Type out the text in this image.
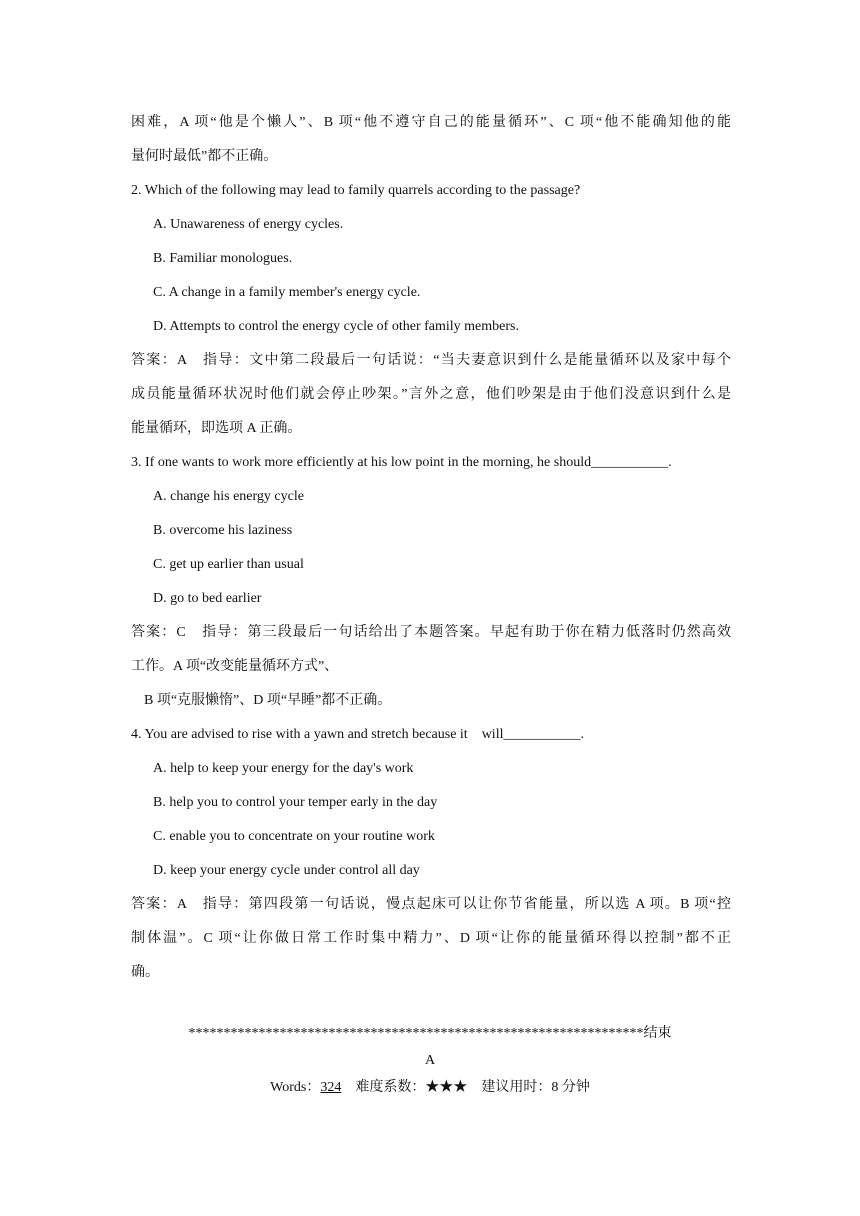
困难，A 项“他是个懒人”、B 项“他不遵守自己的能量循环”、C 项“他不能确知他的能
量何时最低”都不正确。
2. Which of the following may lead to family quarrels according to the passage?
A. Unawareness of energy cycles.
B. Familiar monologues.
C. A change in a family member's energy cycle.
D. Attempts to control the energy cycle of other family members.
答案：A　指导：文中第二段最后一句话说：“当夫妻意识到什么是能量循环以及家中每个
成员能量循环状况时他们就会停止吵架。”言外之意，他们吵架是由于他们没意识到什么是
能量循环，即选项 A 正确。
3. If one wants to work more efficiently at his low point in the morning, he should___________.
A. change his energy cycle
B. overcome his laziness
C. get up earlier than usual
D. go to bed earlier
答案：C　指导：第三段最后一句话给出了本题答案。早起有助于你在精力低落时仍然高效
工作。A 项“改变能量循环方式”、
B 项“克服懒惰”、D 项“早睡”都不正确。
4. You are advised to rise with a yawn and stretch because it　will___________.
A. help to keep your energy for the day's work
B. help you to control your temper early in the day
C. enable you to concentrate on your routine work
D. keep your energy cycle under control all day
答案：A　指导：第四段第一句话说，慢点起床可以让你节省能量，所以选 A 项。B 项“控
制体温”。C 项“让你做日常工作时集中精力”、D 项“让你的能量循环得以控制”都不正
确。
*****************************************************************结束
A
Words：324 难度系数：★★★ 建议用时：8 分钟
